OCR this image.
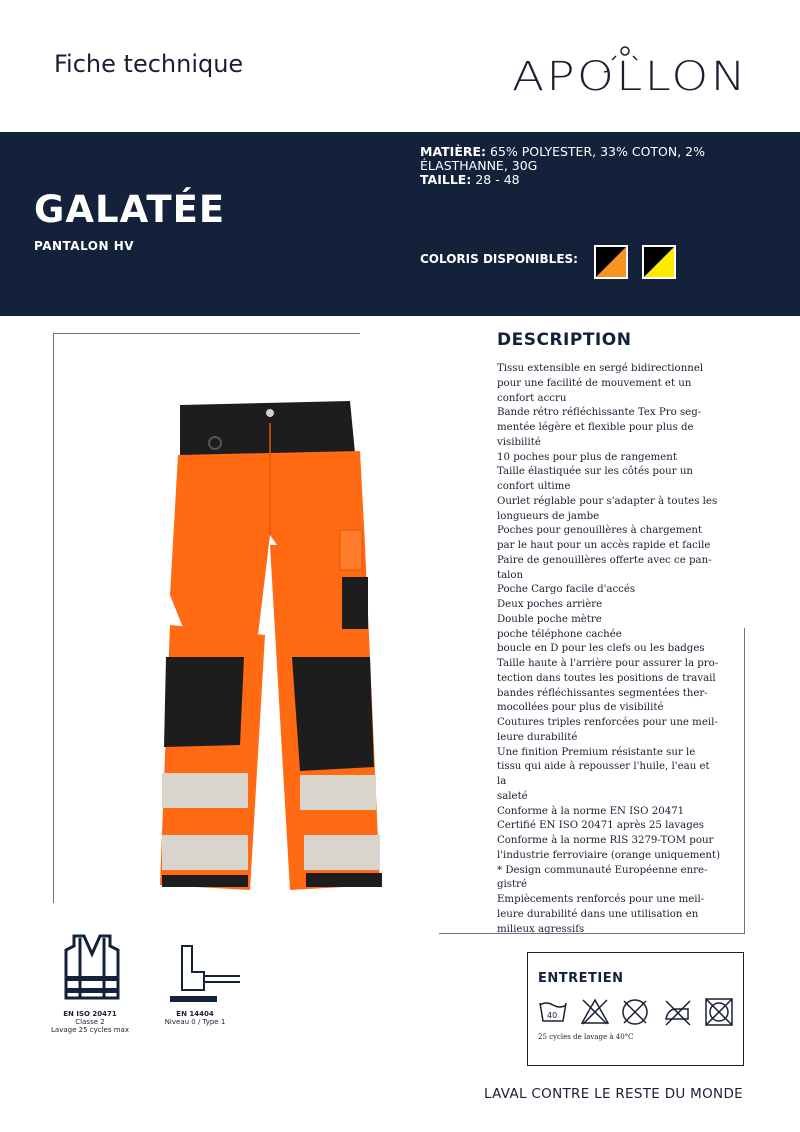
Fiche technique	APOLLON
GALATÉE
PANTALON HV
MATIÈRE: 65% POLYESTER, 33% COTON, 2% ÉLASTHANNE, 30G
TAILLE: 28 - 48
COLORIS DISPONIBLES:
DESCRIPTION
Tissu extensible en sergé bidirectionnel
pour une facilité de mouvement et un
confort accru
Bande rétro réfléchissante Tex Pro seg-
mentée légère et flexible pour plus de
visibilité
10 poches pour plus de rangement
Taille élastiquée sur les côtés pour un
confort ultime
Ourlet réglable pour s'adapter à toutes les
longueurs de jambe
Poches pour genouillères à chargement
par le haut pour un accès rapide et facile
Paire de genouillères offerte avec ce pan-
talon
Poche Cargo facile d'accés
Deux poches arrière
Double poche mètre
poche téléphone cachée
boucle en D pour les clefs ou les badges
Taille haute à l'arrière pour assurer la pro-
tection dans toutes les positions de travail
bandes réfléchissantes segmentées ther-
mocollées pour plus de visibilité
Coutures triples renforcées pour une meil-
leure durabilité
Une finition Premium résistante sur le
tissu qui aide à repousser l'huile, l'eau et la
saleté
Conforme à la norme EN ISO 20471
Certifié EN ISO 20471 après 25 lavages
Conforme à la norme RIS 3279-TOM pour
l'industrie ferroviaire (orange uniquement)
* Design communauté Européenne enre-
gistré
Empiècements renforcés pour une meil-
leure durabilité dans une utilisation en
milieux agressifs
EN ISO 20471
Classe 2
Lavage 25 cycles max
EN 14404
Niveau 0 / Type 1
ENTRETIEN
40
25 cycles de lavage à 40°C
LAVAL CONTRE LE RESTE DU MONDE
